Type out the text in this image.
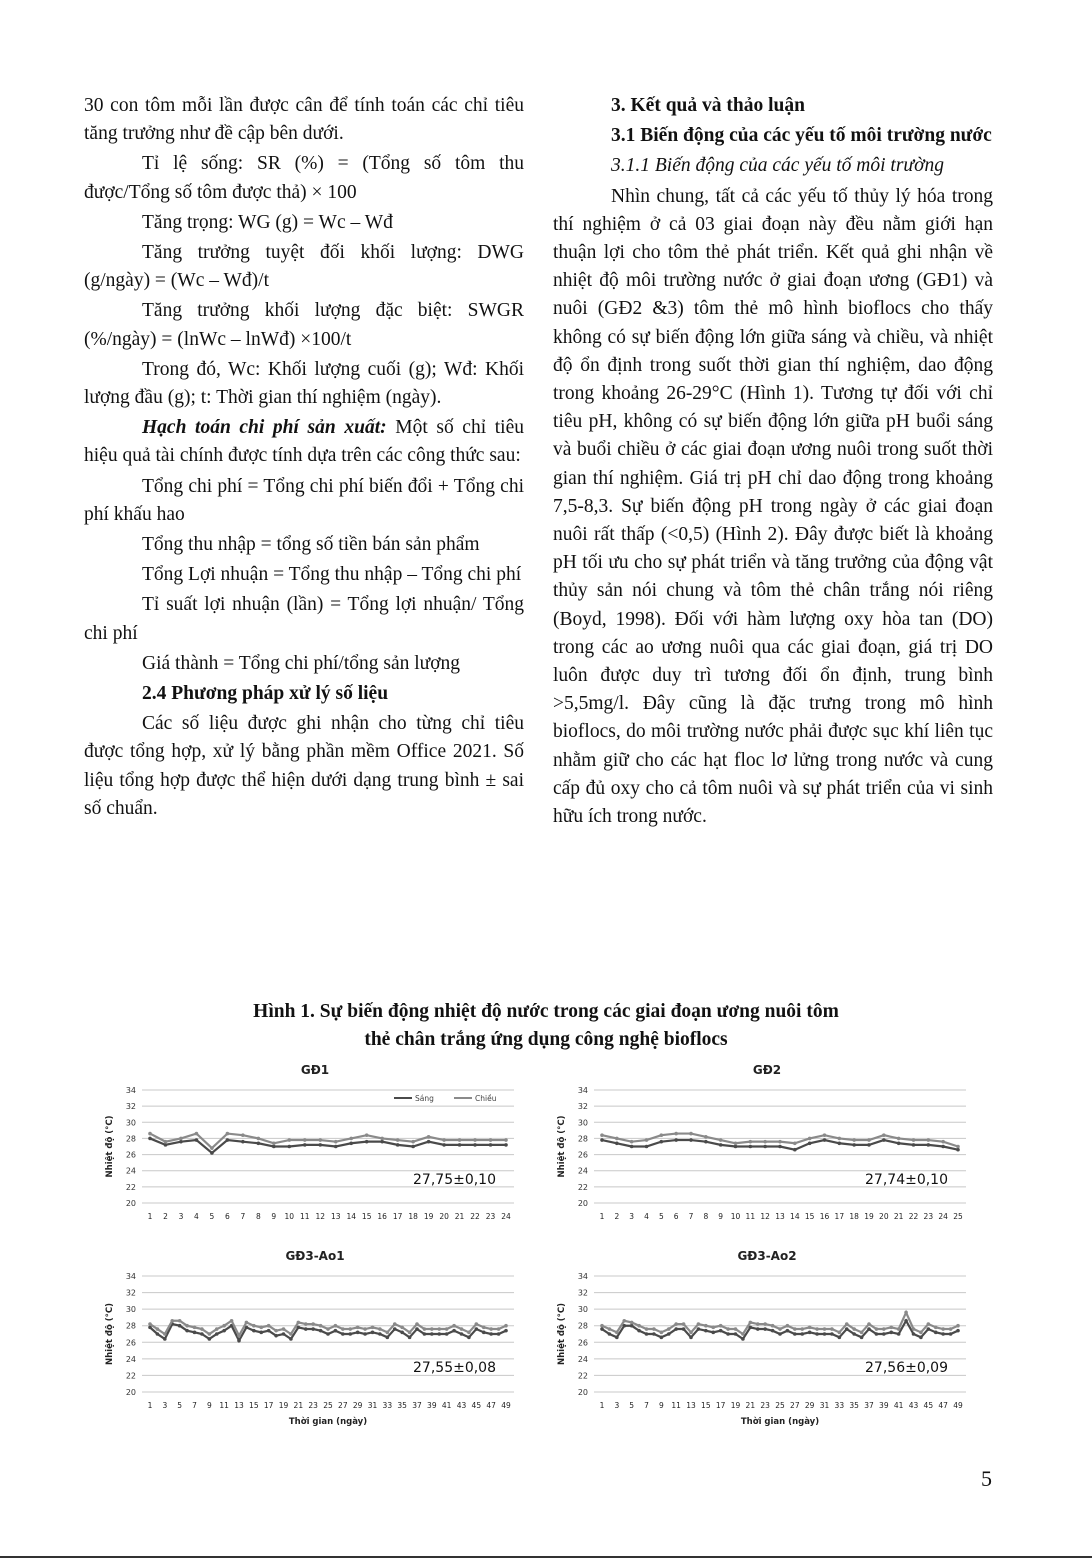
30 con tôm mỗi lần được cân để tính toán các chỉ tiêu tăng trưởng như đề cập bên dưới.

Tỉ lệ sống: SR (%) = (Tổng số tôm thu được/Tổng số tôm được thả) × 100

Tăng trọng: WG (g) = Wc – Wđ

Tăng trưởng tuyệt đối khối lượng: DWG (g/ngày) = (Wc – Wđ)/t

Tăng trưởng khối lượng đặc biệt: SWGR (%/ngày) = (lnWc – lnWđ) ×100/t

Trong đó, Wc: Khối lượng cuối (g); Wđ: Khối lượng đầu (g); t: Thời gian thí nghiệm (ngày).

Hạch toán chi phí sản xuất: Một số chỉ tiêu hiệu quả tài chính được tính dựa trên các công thức sau:

Tổng chi phí = Tổng chi phí biến đổi + Tổng chi phí khấu hao

Tổng thu nhập = tổng số tiền bán sản phẩm

Tổng Lợi nhuận = Tổng thu nhập – Tổng chi phí

Tỉ suất lợi nhuận (lần) = Tổng lợi nhuận/ Tổng chi phí

Giá thành = Tổng chi phí/tổng sản lượng

2.4 Phương pháp xử lý số liệu

Các số liệu được ghi nhận cho từng chỉ tiêu được tổng hợp, xử lý bằng phần mềm Office 2021. Số liệu tổng hợp được thể hiện dưới dạng trung bình ± sai số chuẩn.

3. Kết quả và thảo luận

3.1 Biến động của các yếu tố môi trường nước

3.1.1 Biến động của các yếu tố môi trường

Nhìn chung, tất cả các yếu tố thủy lý hóa trong thí nghiệm ở cả 03 giai đoạn này đều nằm giới hạn thuận lợi cho tôm thẻ phát triển. Kết quả ghi nhận về nhiệt độ môi trường nước ở giai đoạn ương (GĐ1) và nuôi (GĐ2 &3) tôm thẻ mô hình bioflocs cho thấy không có sự biến động lớn giữa sáng và chiều, và nhiệt độ ổn định trong suốt thời gian thí nghiệm, dao động trong khoảng 26-29°C (Hình 1). Tương tự đối với chỉ tiêu pH, không có sự biến động lớn giữa pH buổi sáng và buổi chiều ở các giai đoạn ương nuôi trong suốt thời gian thí nghiệm. Giá trị pH chỉ dao động trong khoảng 7,5-8,3. Sự biến động pH trong ngày ở các giai đoạn nuôi rất thấp (<0,5) (Hình 2). Đây được biết là khoảng pH tối ưu cho sự phát triển và tăng trưởng của động vật thủy sản nói chung và tôm thẻ chân trắng nói riêng (Boyd, 1998). Đối với hàm lượng oxy hòa tan (DO) trong các ao ương nuôi qua các giai đoạn, giá trị DO luôn được duy trì tương đối ổn định, trung bình >5,5mg/l. Đây cũng là đặc trưng trong mô hình bioflocs, do môi trường nước phải được sục khí liên tục nhằm giữ cho các hạt floc lơ lửng trong nước và cung cấp đủ oxy cho cả tôm nuôi và sự phát triển của vi sinh hữu ích trong nước.

Hình 1. Sự biến động nhiệt độ nước trong các giai đoạn ương nuôi tôm
thẻ chân trắng ứng dụng công nghệ bioflocs
GĐ1
20
22
24
26
28
30
32
34
Nhiệt độ (°C)
1 2 3 4 5 6 7 8 9 10 11 12 13 14 15 16 17 18 19 20 21 22 23 24
27,75±0,10
Sáng	Chiều
GĐ2
20
22
24
26
28
30
32
34
Nhiệt độ (°C)
1 2 3 4 5 6 7 8 9 10 11 12 13 14 15 16 17 18 19 20 21 22 23 24 25
27,74±0,10
GĐ3-Ao1
20
22
24
26
28
30
32
34
Nhiệt độ (°C)
1 3 5 7 9 11 13 15 17 19 21 23 25 27 29 31 33 35 37 39 41 43 45 47 49
Thời gian (ngày)
27,55±0,08
GĐ3-Ao2
20
22
24
26
28
30
32
34
Nhiệt độ (°C)
1 3 5 7 9 11 13 15 17 19 21 23 25 27 29 31 33 35 37 39 41 43 45 47 49
Thời gian (ngày)
27,56±0,09
5
